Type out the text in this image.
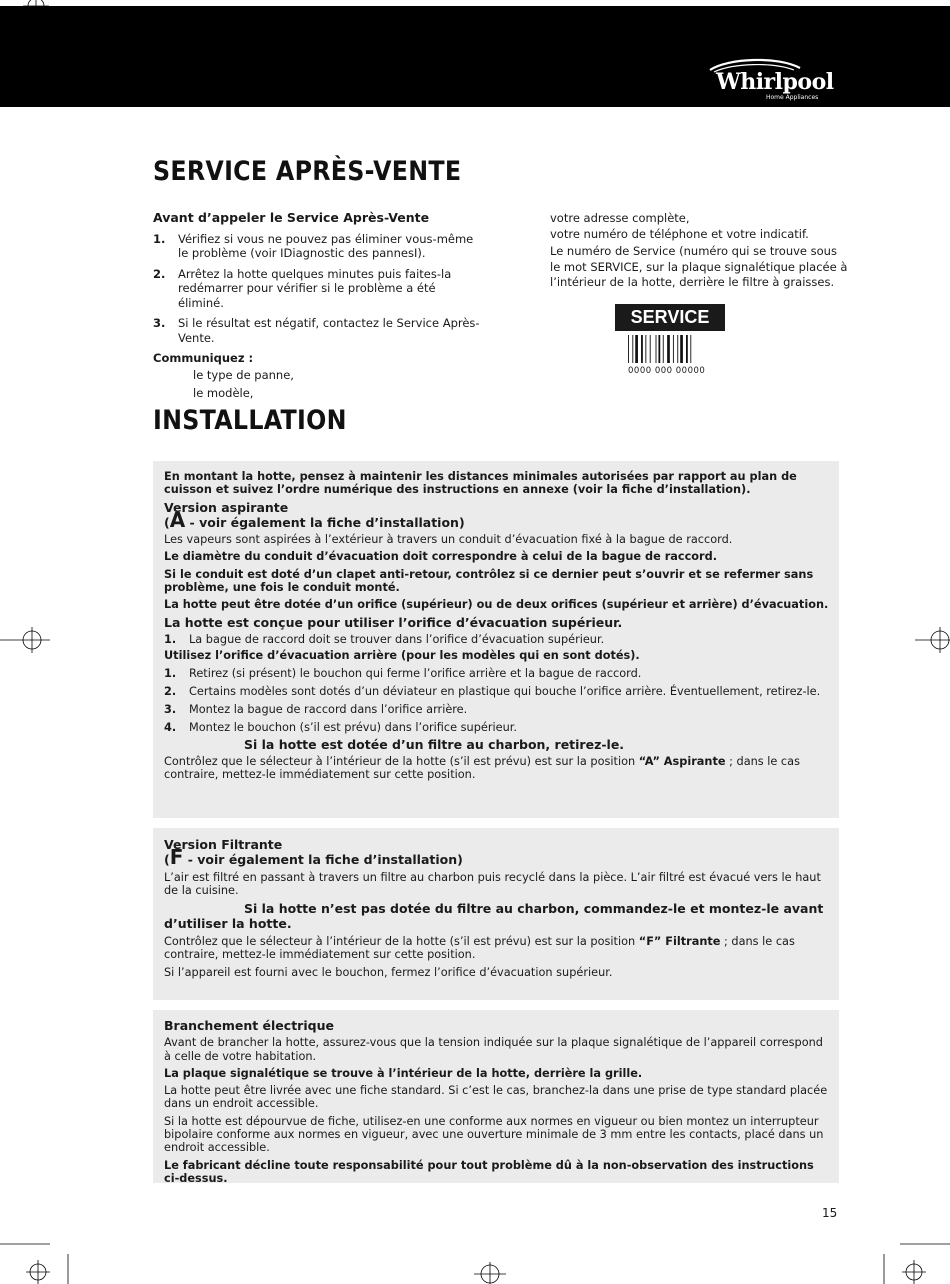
Whirlpool
Home Appliances
SERVICE APRÈS-VENTE
Avant d’appeler le Service Après-Vente
1. Vérifiez si vous ne pouvez pas éliminer vous-même le problème (voir IDiagnostic des pannesI).
2. Arrêtez la hotte quelques minutes puis faites-la redémarrer pour vérifier si le problème a été éliminé.
3. Si le résultat est négatif, contactez le Service Après-Vente.
Communiquez :
le type de panne,
le modèle,
votre adresse complète,
votre numéro de téléphone et votre indicatif.
Le numéro de Service (numéro qui se trouve sous le mot SERVICE, sur la plaque signalétique placée à l’intérieur de la hotte, derrière le filtre à graisses.
SERVICE
0000 000 00000
INSTALLATION

En montant la hotte, pensez à maintenir les distances minimales autorisées par rapport au plan de cuisson et suivez l’ordre numérique des instructions en annexe (voir la fiche d’installation).

Version aspirante
(A - voir également la fiche d’installation)

Les vapeurs sont aspirées à l’extérieur à travers un conduit d’évacuation fixé à la bague de raccord.

Le diamètre du conduit d’évacuation doit correspondre à celui de la bague de raccord.

Si le conduit est doté d’un clapet anti-retour, contrôlez si ce dernier peut s’ouvrir et se refermer sans problème, une fois le conduit monté.

La hotte peut être dotée d’un orifice (supérieur) ou de deux orifices (supérieur et arrière) d’évacuation.

La hotte est conçue pour utiliser l’orifice d’évacuation supérieur.

1. La bague de raccord doit se trouver dans l’orifice d’évacuation supérieur.

Utilisez l’orifice d’évacuation arrière (pour les modèles qui en sont dotés).

1. Retirez (si présent) le bouchon qui ferme l’orifice arrière et la bague de raccord.
2. Certains modèles sont dotés d’un déviateur en plastique qui bouche l’orifice arrière. Éventuellement, retirez-le.
3. Montez la bague de raccord dans l’orifice arrière.
4. Montez le bouchon (s’il est prévu) dans l’orifice supérieur.

Si la hotte est dotée d’un filtre au charbon, retirez-le.

Contrôlez que le sélecteur à l’intérieur de la hotte (s’il est prévu) est sur la position “A” Aspirante ; dans le cas contraire, mettez-le immédiatement sur cette position.

Version Filtrante
(F - voir également la fiche d’installation)

L’air est filtré en passant à travers un filtre au charbon puis recyclé dans la pièce. L’air filtré est évacué vers le haut de la cuisine.

Si la hotte n’est pas dotée du filtre au charbon, commandez-le et montez-le avant d’utiliser la hotte.

Contrôlez que le sélecteur à l’intérieur de la hotte (s’il est prévu) est sur la position “F” Filtrante ; dans le cas contraire, mettez-le immédiatement sur cette position.

Si l’appareil est fourni avec le bouchon, fermez l’orifice d’évacuation supérieur.

Branchement électrique

Avant de brancher la hotte, assurez-vous que la tension indiquée sur la plaque signalétique de l’appareil correspond à celle de votre habitation.

La plaque signalétique se trouve à l’intérieur de la hotte, derrière la grille.

La hotte peut être livrée avec une fiche standard. Si c’est le cas, branchez-la dans une prise de type standard placée dans un endroit accessible.

Si la hotte est dépourvue de fiche, utilisez-en une conforme aux normes en vigueur ou bien montez un interrupteur bipolaire conforme aux normes en vigueur, avec une ouverture minimale de 3 mm entre les contacts, placé dans un endroit accessible.

Le fabricant décline toute responsabilité pour tout problème dû à la non-observation des instructions ci-dessus.

15
